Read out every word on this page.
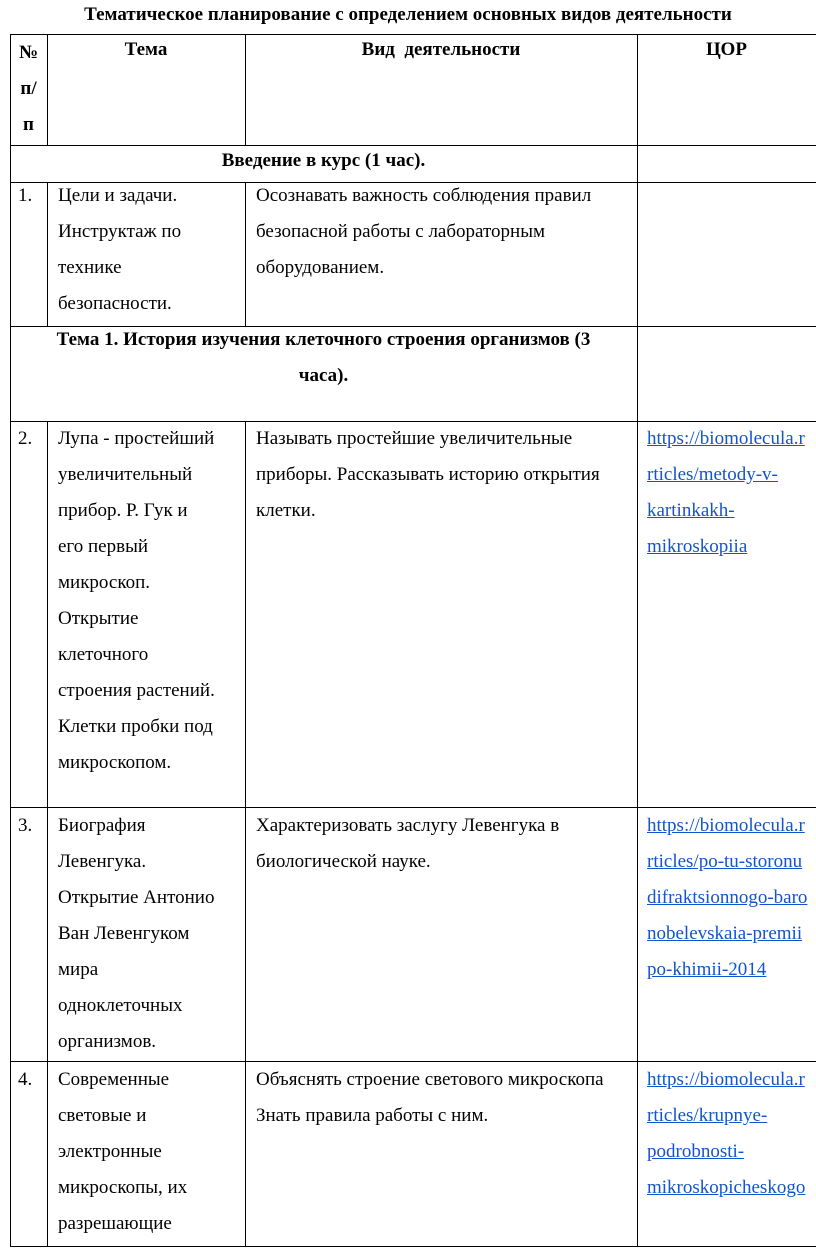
Тематическое планирование с определением основных видов деятельности
№
п/
п
Тема	Вид  деятельности	ЦОР
Введение в курс (1 час).
1. Цели и задачи.
Инструктаж по
технике
безопасности.
Осознавать важность соблюдения правил
безопасной работы с лабораторным
оборудованием.
Тема 1. История изучения клеточного строения организмов (3
часа).
2. Лупа - простейший
увеличительный
прибор. Р. Гук и
его первый
микроскоп.
Открытие
клеточного
строения растений.
Клетки пробки под
микроскопом.
Называть простейшие увеличительные
приборы. Рассказывать историю открытия
клетки.
https://biomolecula.r
rticles/metody-v-
kartinkakh-
mikroskopiia
3. Биография
Левенгука.
Открытие Антонио
Ван Левенгуком
мира
одноклеточных
организмов.
Характеризовать заслугу Левенгука в
биологической науке.
https://biomolecula.r
rticles/po-tu-storonu
difraktsionnogo-baro
nobelevskaia-premii
po-khimii-2014
4. Современные
световые и
электронные
микроскопы, их
разрешающие
Объяснять строение светового микроскопа
Знать правила работы с ним.
https://biomolecula.r
rticles/krupnye-
podrobnosti-
mikroskopicheskogo
